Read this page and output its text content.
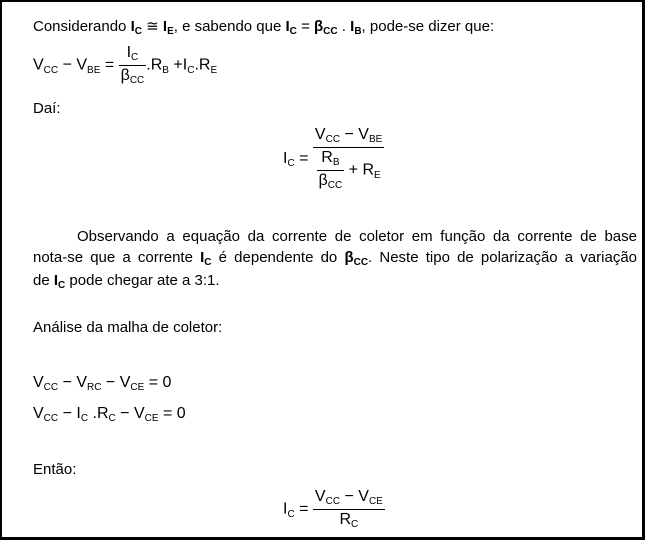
Considerando $I_C$ ≅ $I_E$, e sabendo que $I_C = \beta_{CC}$ . $I_B$, pode-se dizer que:
VCC − VBE = $\frac{IC}{\text{βCC}} .RB +IC.RE$
Daí:
IC = $\frac{\text{VCC − VBE}}{\frac{RB}{\text{βCC}} + RE}$
Observando a equação da corrente de coletor em função da corrente de base
nota-se que a corrente $I_C$ é dependente do $\beta_{CC}$. Neste tipo de polarização a variação
de $I_C$ pode chegar ate a 3:1.
Análise da malha de coletor:
VCC − VRC − VCE = 0
VCC − IC .RC − VCE = 0
Então:
IC = $\frac{\text{VCC − VCE}}{RC}$
